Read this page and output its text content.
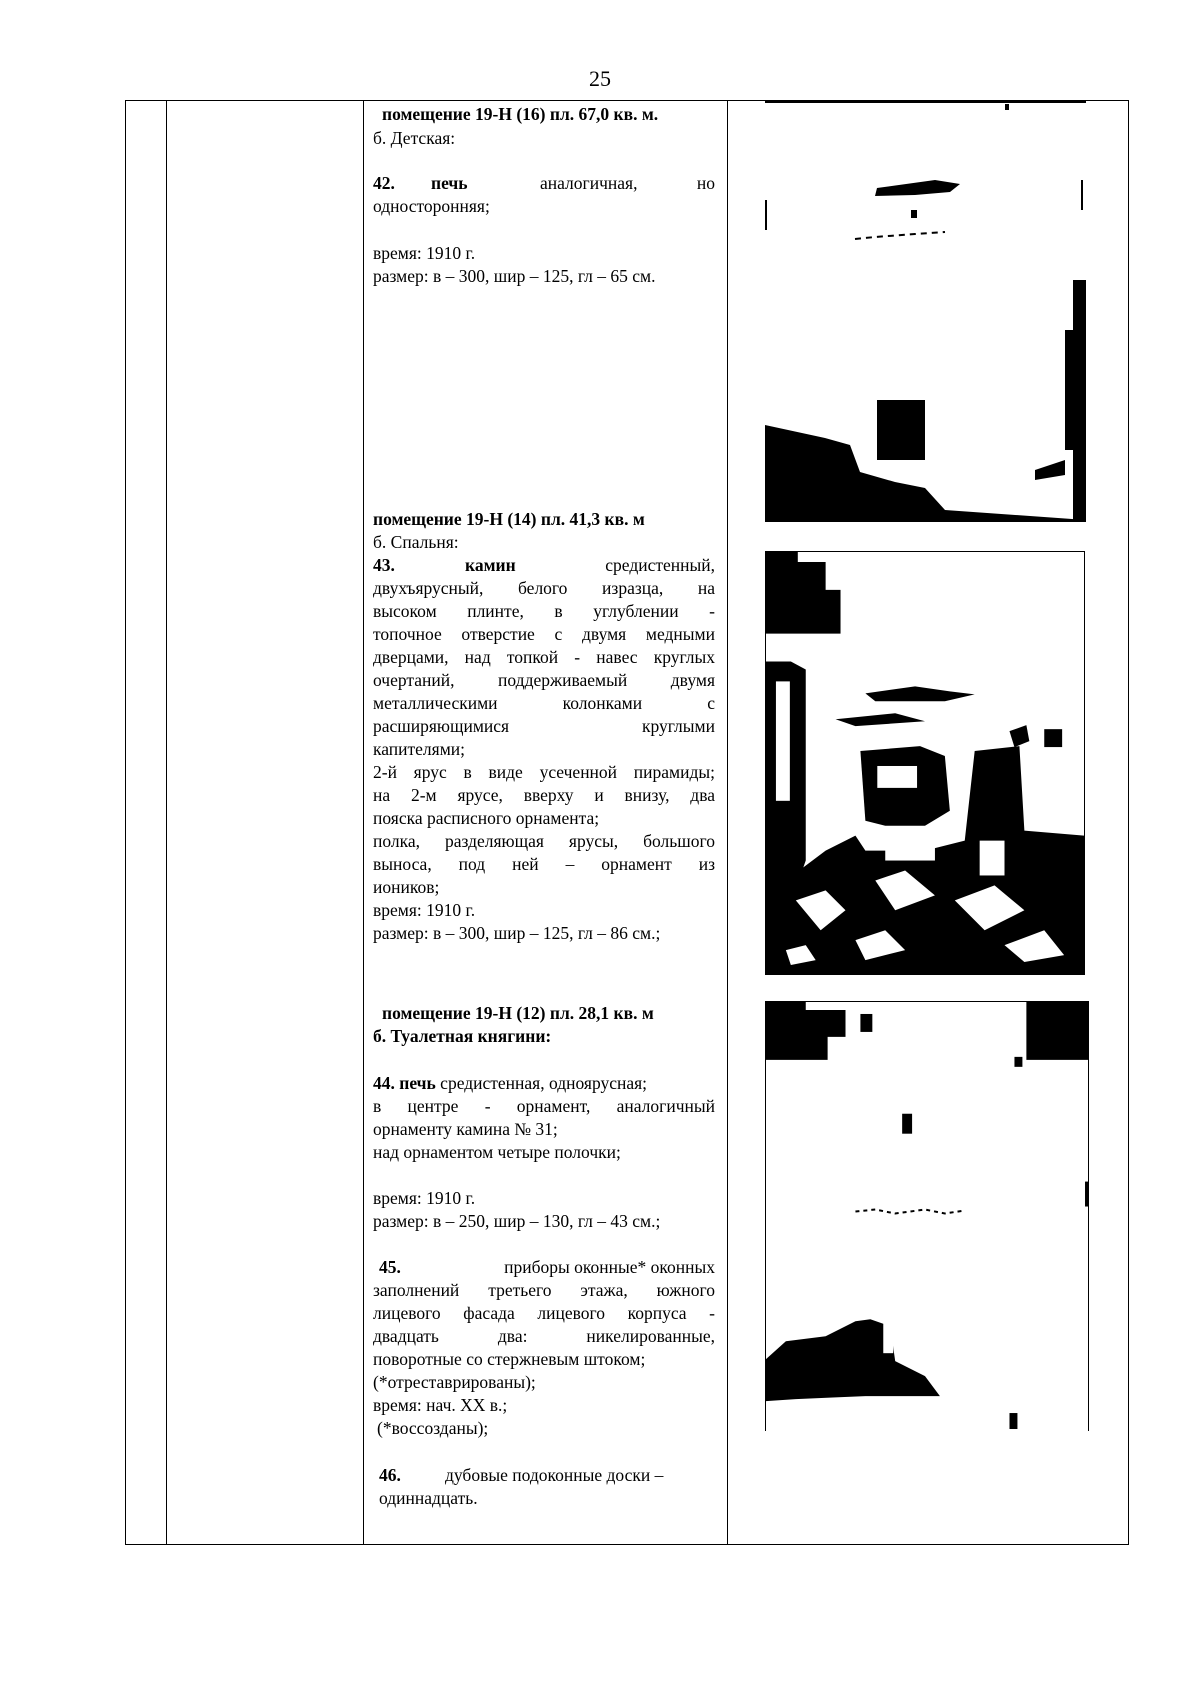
25
помещение 19-Н (16) пл. 67,0 кв. м.
б. Детская:
42. печь	аналогичная,	но
односторонняя;
время: 1910 г.
размер: в – 300, шир – 125, гл – 65 см.
помещение 19-Н (14) пл. 41,3 кв. м
б. Спальня:
43.	камин	средистенный,
двухъярусный, белого изразца, на
высоком плинте, в углублении -
топочное отверстие с двумя медными
дверцами, над топкой - навес круглых
очертаний, поддерживаемый двумя
металлическими колонками с
расширяющимися круглыми
капителями;
2-й ярус в виде усеченной пирамиды;
на 2-м ярусе, вверху и внизу, два
пояска расписного орнамента;
полка, разделяющая ярусы, большого
выноса, под ней – орнамент из
иоников;
время: 1910 г.
размер: в – 300, шир – 125, гл – 86 см.;
помещение 19-Н (12) пл. 28,1 кв. м
б. Туалетная княгини:
44. печь средистенная, одноярусная;
в центре - орнамент, аналогичный
орнаменту камина № 31;
над орнаментом четыре полочки;
время: 1910 г.
размер: в – 250, шир – 130, гл – 43 см.;
45.	приборы оконные* оконных
заполнений третьего этажа, южного
лицевого фасада лицевого корпуса -
двадцать два: никелированные,
поворотные со стержневым штоком;
(*отреставрированы);
время: нач. XX в.;
(*воссозданы);
46.	дубовые подоконные доски –
одиннадцать.
